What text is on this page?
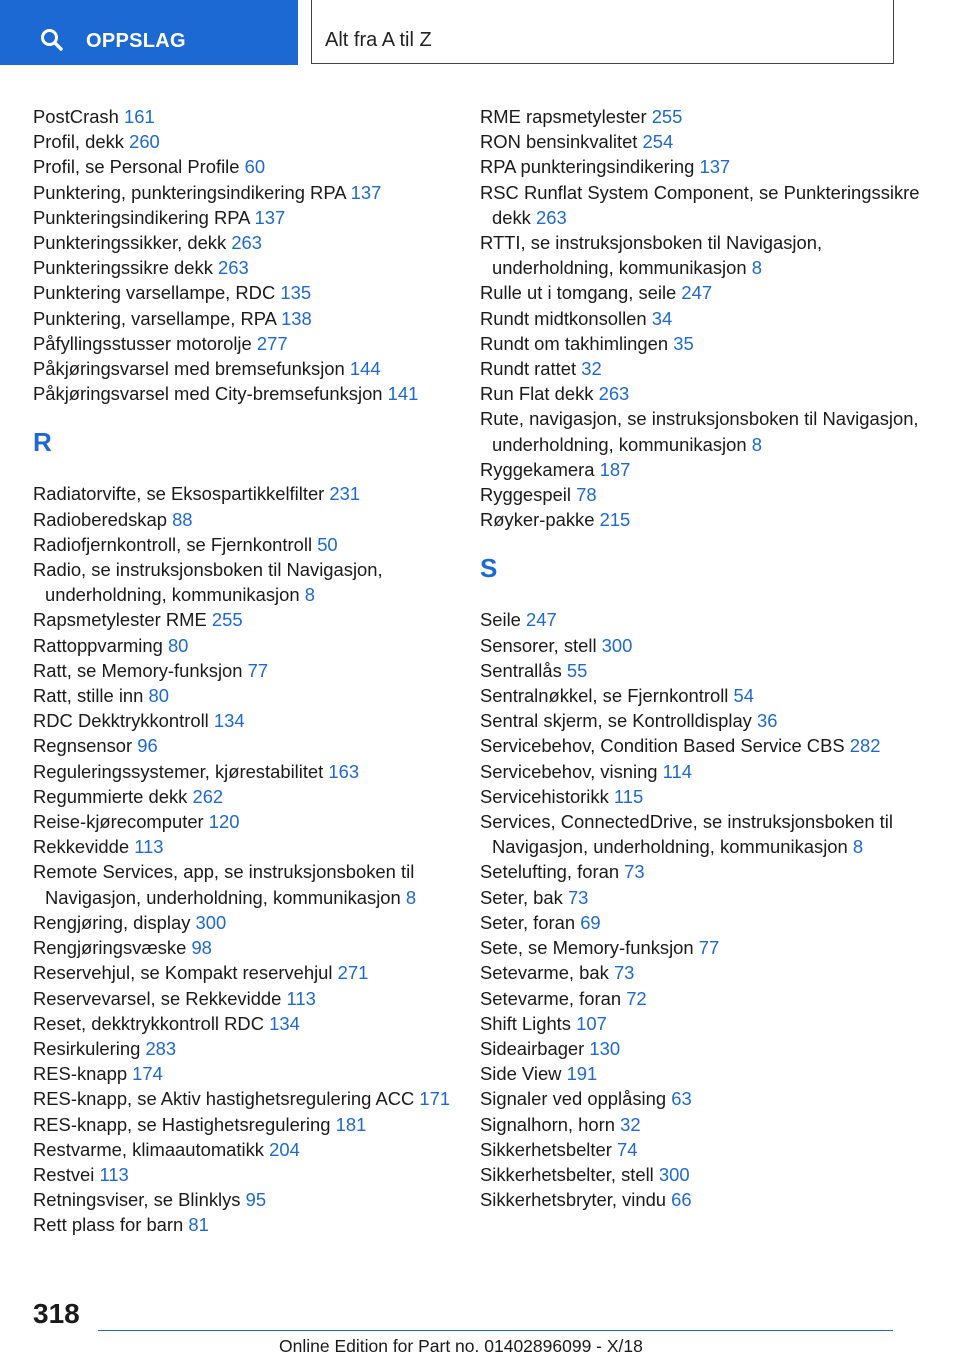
OPPSLAG	Alt fra A til Z
PostCrash 161
Profil, dekk 260
Profil, se Personal Profile 60
Punktering, punkteringsindikering RPA 137
Punkteringsindikering RPA 137
Punkteringssikker, dekk 263
Punkteringssikre dekk 263
Punktering varsellampe, RDC 135
Punktering, varsellampe, RPA 138
Påfyllingsstusser motorolje 277
Påkjøringsvarsel med bremsefunksjon 144
Påkjøringsvarsel med City-bremsefunksjon 141
R
Radiatorvifte, se Eksospartikkelfilter 231
Radioberedskap 88
Radiofjernkontroll, se Fjernkontroll 50
Radio, se instruksjonsboken til Navigasjon, underholdning, kommunikasjon 8
Rapsmetylester RME 255
Rattoppvarming 80
Ratt, se Memory-funksjon 77
Ratt, stille inn 80
RDC Dekktrykkontroll 134
Regnsensor 96
Reguleringssystemer, kjørestabilitet 163
Regummierte dekk 262
Reise-kjørecomputer 120
Rekkevidde 113
Remote Services, app, se instruksjonsboken til Navigasjon, underholdning, kommunikasjon 8
Rengjøring, display 300
Rengjøringsvæske 98
Reservehjul, se Kompakt reservehjul 271
Reservevarsel, se Rekkevidde 113
Reset, dekktrykkontroll RDC 134
Resirkulering 283
RES-knapp 174
RES-knapp, se Aktiv hastighetsregulering ACC 171
RES-knapp, se Hastighetsregulering 181
Restvarme, klimaautomatikk 204
Restvei 113
Retningsviser, se Blinklys 95
Rett plass for barn 81
RME rapsmetylester 255
RON bensinkvalitet 254
RPA punkteringsindikering 137
RSC Runflat System Component, se Punkteringssikre dekk 263
RTTI, se instruksjonsboken til Navigasjon, underholdning, kommunikasjon 8
Rulle ut i tomgang, seile 247
Rundt midtkonsollen 34
Rundt om takhimlingen 35
Rundt rattet 32
Run Flat dekk 263
Rute, navigasjon, se instruksjonsboken til Navigasjon, underholdning, kommunikasjon 8
Ryggekamera 187
Ryggespeil 78
Røyker-pakke 215
S
Seile 247
Sensorer, stell 300
Sentrallås 55
Sentralnøkkel, se Fjernkontroll 54
Sentral skjerm, se Kontrolldisplay 36
Servicebehov, Condition Based Service CBS 282
Servicebehov, visning 114
Servicehistorikk 115
Services, ConnectedDrive, se instruksjonsboken til Navigasjon, underholdning, kommunikasjon 8
Setelufting, foran 73
Seter, bak 73
Seter, foran 69
Sete, se Memory-funksjon 77
Setevarme, bak 73
Setevarme, foran 72
Shift Lights 107
Sideairbager 130
Side View 191
Signaler ved opplåsing 63
Signalhorn, horn 32
Sikkerhetsbelter 74
Sikkerhetsbelter, stell 300
Sikkerhetsbryter, vindu 66
318
Online Edition for Part no. 01402896099 - X/18
